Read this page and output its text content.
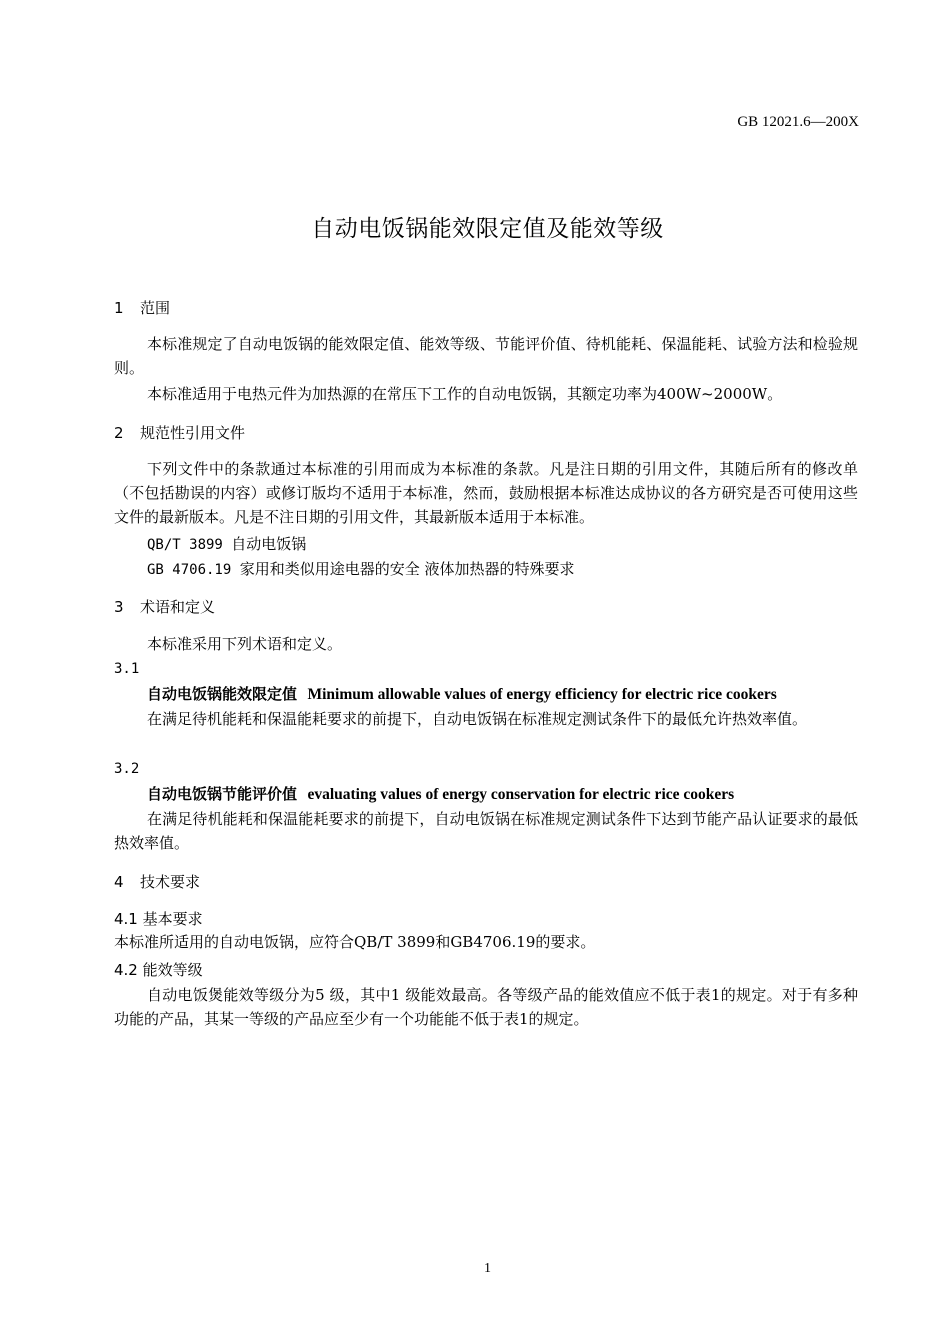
GB 12021.6—200X
自动电饭锅能效限定值及能效等级
1 范围
本标准规定了自动电饭锅的能效限定值、能效等级、节能评价值、待机能耗、保温能耗、试验方法和检验规则。
本标准适用于电热元件为加热源的在常压下工作的自动电饭锅，其额定功率为400W~2000W。
2 规范性引用文件
下列文件中的条款通过本标准的引用而成为本标准的条款。凡是注日期的引用文件，其随后所有的修改单（不包括勘误的内容）或修订版均不适用于本标准，然而，鼓励根据本标准达成协议的各方研究是否可使用这些文件的最新版本。凡是不注日期的引用文件，其最新版本适用于本标准。
QB/T 3899 自动电饭锅
GB 4706.19 家用和类似用途电器的安全 液体加热器的特殊要求
3 术语和定义
本标准采用下列术语和定义。
3.1
自动电饭锅能效限定值 Minimum allowable values of energy efficiency for electric rice cookers
在满足待机能耗和保温能耗要求的前提下，自动电饭锅在标准规定测试条件下的最低允许热效率值。
3.2
自动电饭锅节能评价值 evaluating values of energy conservation for electric rice cookers
在满足待机能耗和保温能耗要求的前提下，自动电饭锅在标准规定测试条件下达到节能产品认证要求的最低热效率值。
4 技术要求
4.1 基本要求
本标准所适用的自动电饭锅，应符合QB/T 3899和GB4706.19的要求。
4.2 能效等级
自动电饭煲能效等级分为5 级，其中1 级能效最高。各等级产品的能效值应不低于表1的规定。对于有多种功能的产品，其某一等级的产品应至少有一个功能能不低于表1的规定。
1
